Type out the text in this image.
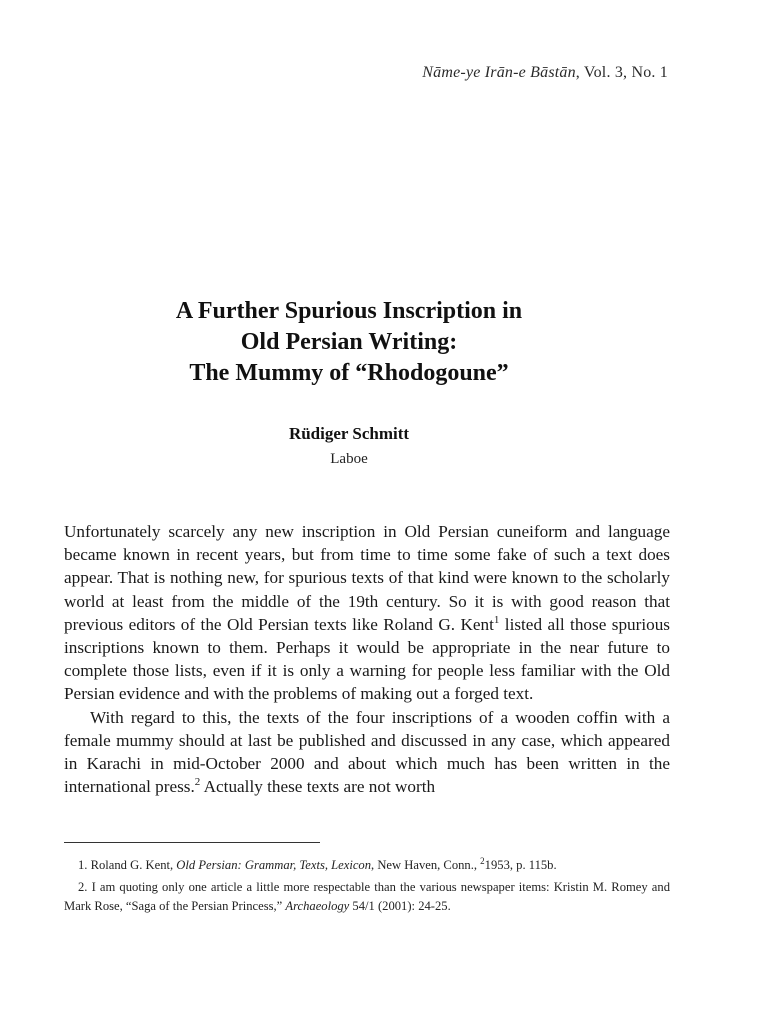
Nāme-ye Irān-e Bāstān, Vol. 3, No. 1
A Further Spurious Inscription in
Old Persian Writing:
The Mummy of “Rhodogoune”
Rüdiger Schmitt
Laboe

Unfortunately scarcely any new inscription in Old Persian cuneiform and language became known in recent years, but from time to time some fake of such a text does appear. That is nothing new, for spurious texts of that kind were known to the scholarly world at least from the middle of the 19th century. So it is with good reason that previous editors of the Old Persian texts like Roland G. Kent$^1$ listed all those spurious inscriptions known to them. Perhaps it would be appropriate in the near future to complete those lists, even if it is only a warning for people less familiar with the Old Persian evidence and with the problems of making out a forged text.

With regard to this, the texts of the four inscriptions of a wooden coffin with a female mummy should at last be published and discussed in any case, which appeared in Karachi in mid-October 2000 and about which much has been written in the international press.$^2$ Actually these texts are not worth

1. Roland G. Kent, Old Persian: Grammar, Texts, Lexicon, New Haven, Conn., $^2$1953, p. 115b.

2. I am quoting only one article a little more respectable than the various newspaper items: Kristin M. Romey and Mark Rose, “Saga of the Persian Princess,” Archaeology 54/1 (2001): 24-25.
